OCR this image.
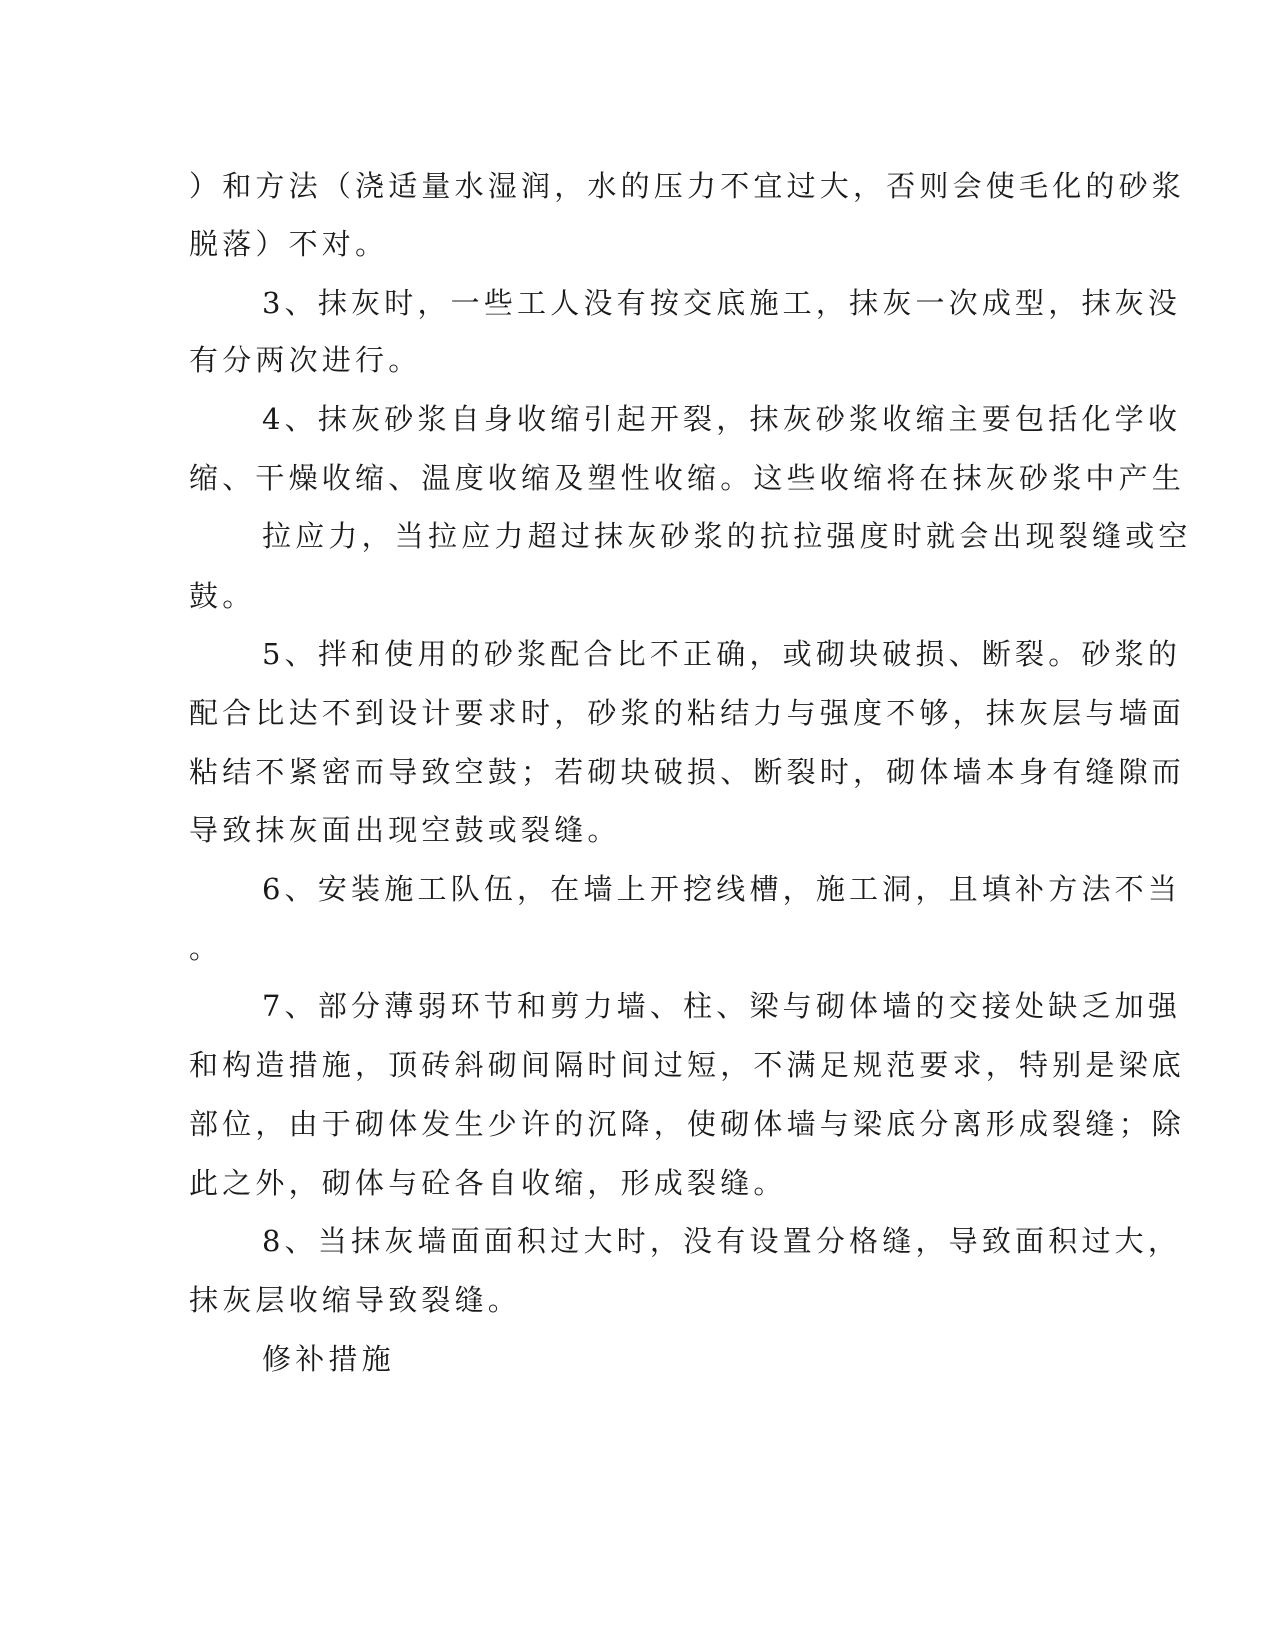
）和方法（浇适量水湿润，水的压力不宜过大，否则会使毛化的砂浆
脱落）不对。
3、抹灰时，一些工人没有按交底施工，抹灰一次成型，抹灰没
有分两次进行。
4、抹灰砂浆自身收缩引起开裂，抹灰砂浆收缩主要包括化学收
缩、干燥收缩、温度收缩及塑性收缩。这些收缩将在抹灰砂浆中产生
拉应力，当拉应力超过抹灰砂浆的抗拉强度时就会出现裂缝或空
鼓。
5、拌和使用的砂浆配合比不正确，或砌块破损、断裂。砂浆的
配合比达不到设计要求时，砂浆的粘结力与强度不够，抹灰层与墙面
粘结不紧密而导致空鼓；若砌块破损、断裂时，砌体墙本身有缝隙而
导致抹灰面出现空鼓或裂缝。
6、安装施工队伍，在墙上开挖线槽，施工洞，且填补方法不当
。
7、部分薄弱环节和剪力墙、柱、梁与砌体墙的交接处缺乏加强
和构造措施，顶砖斜砌间隔时间过短，不满足规范要求，特别是梁底
部位，由于砌体发生少许的沉降，使砌体墙与梁底分离形成裂缝；除
此之外，砌体与砼各自收缩，形成裂缝。
8、当抹灰墙面面积过大时，没有设置分格缝，导致面积过大，
抹灰层收缩导致裂缝。
修补措施
